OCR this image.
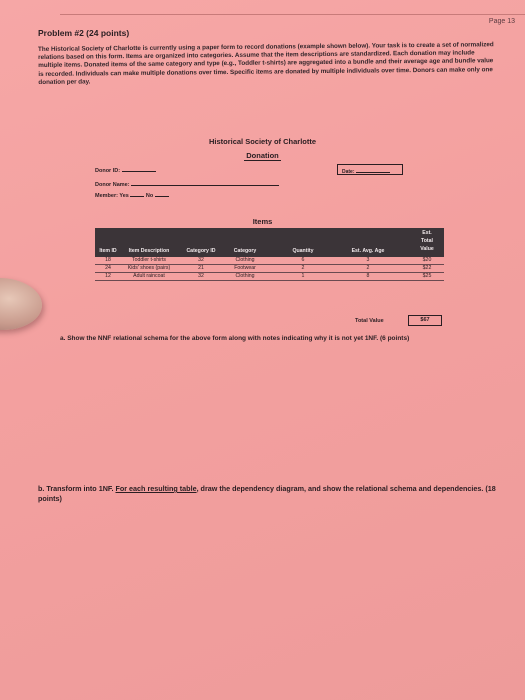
Page 13
Problem #2 (24 points)
The Historical Society of Charlotte is currently using a paper form to record donations (example shown below). Your task is to create a set of normalized relations based on this form. Items are organized into categories. Assume that the item descriptions are standardized. Each donation may include multiple items. Donated items of the same category and type (e.g., Toddler t-shirts) are aggregated into a bundle and their average age and bundle value is recorded. Individuals can make multiple donations over time. Specific items are donated by multiple individuals over time. Donors can make only one donation per day.
Historical Society of Charlotte
Donation
Donor ID:
Donor Name:
Member: Yes	No
Date:
Items
Item ID	Item Description	Category ID	Category	Quantity	Est. Avg. Age
Est.
Total
Value
18	Toddler t-shirts	32	Clothing	6	3	$20
24	Kids' shoes (pairs)	21	Footwear	2	2	$22
12	Adult raincoat	32	Clothing	1	8	$25
Total Value	$67
a. Show the NNF relational schema for the above form along with notes indicating why it is not yet 1NF. (6 points)
b. Transform into 1NF. For each resulting table, draw the dependency diagram, and show the relational schema and dependencies. (18 points)
